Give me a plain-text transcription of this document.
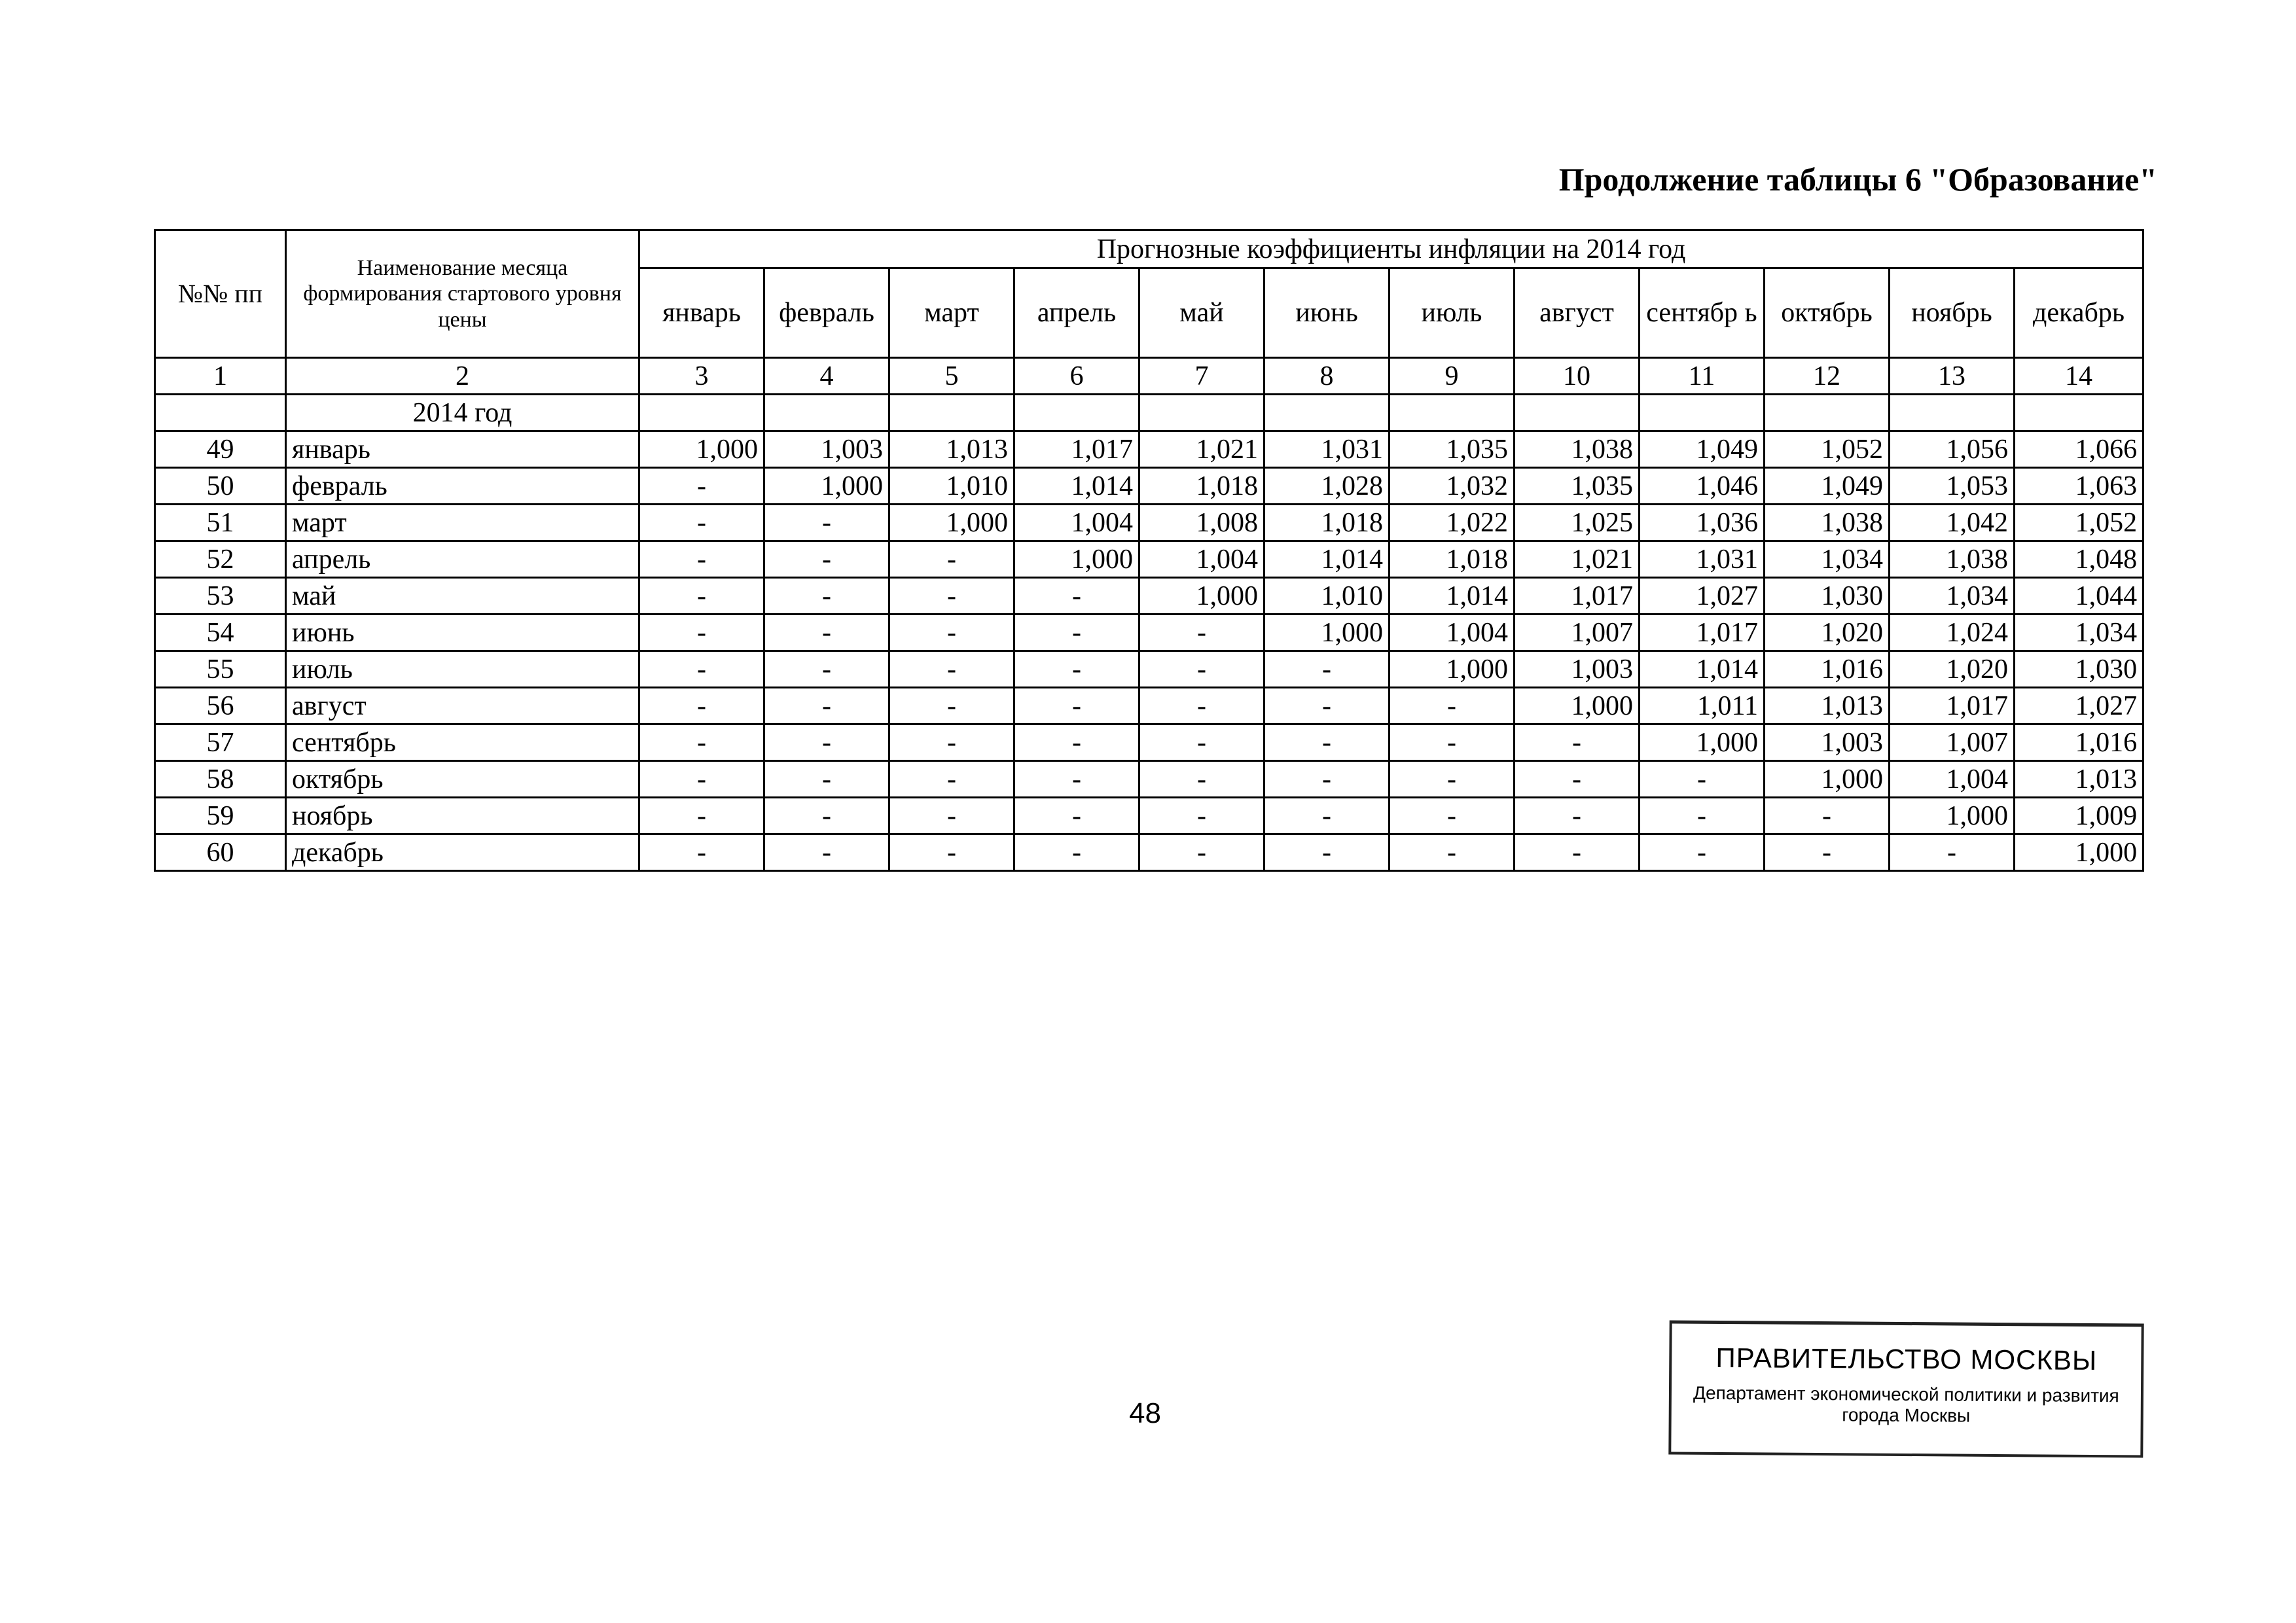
Продолжение таблицы 6 "Образование"
№№ пп	Наименование месяца формирования стартового уровня цены	Прогнозные коэффициенты инфляции на 2014 год											
		январь	февраль	март	апрель	май	июнь	июль	август	сентябр ь	октябрь	ноябрь	декабрь
1	2	3	4	5	6	7	8	9	10	11	12	13	14
	2014 год												
49	январь	1,000	1,003	1,013	1,017	1,021	1,031	1,035	1,038	1,049	1,052	1,056	1,066
50	февраль	-	1,000	1,010	1,014	1,018	1,028	1,032	1,035	1,046	1,049	1,053	1,063
51	март	-	-	1,000	1,004	1,008	1,018	1,022	1,025	1,036	1,038	1,042	1,052
52	апрель	-	-	-	1,000	1,004	1,014	1,018	1,021	1,031	1,034	1,038	1,048
53	май	-	-	-	-	1,000	1,010	1,014	1,017	1,027	1,030	1,034	1,044
54	июнь	-	-	-	-	-	1,000	1,004	1,007	1,017	1,020	1,024	1,034
55	июль	-	-	-	-	-	-	1,000	1,003	1,014	1,016	1,020	1,030
56	август	-	-	-	-	-	-	-	1,000	1,011	1,013	1,017	1,027
57	сентябрь	-	-	-	-	-	-	-	-	1,000	1,003	1,007	1,016
58	октябрь	-	-	-	-	-	-	-	-	-	1,000	1,004	1,013
59	ноябрь	-	-	-	-	-	-	-	-	-	-	1,000	1,009
60	декабрь	-	-	-	-	-	-	-	-	-	-	-	1,000
48
ПРАВИТЕЛЬСТВО МОСКВЫ
Департамент экономической политики и развития
города Москвы
